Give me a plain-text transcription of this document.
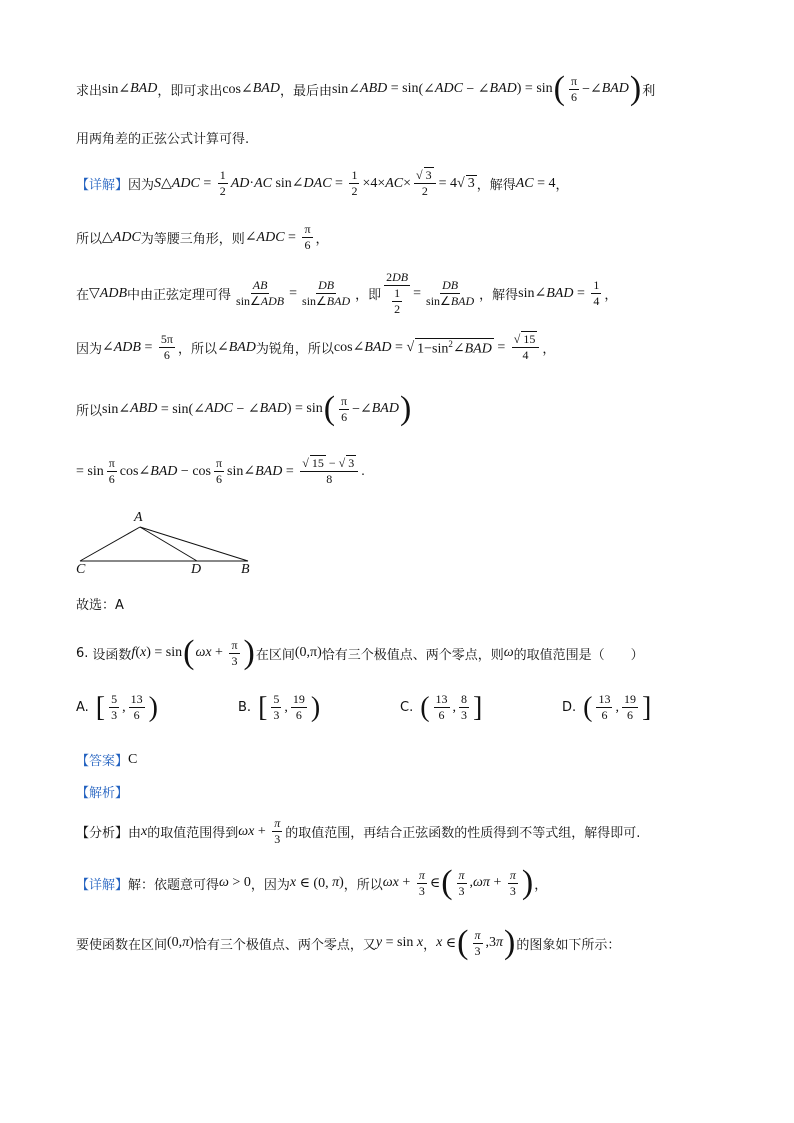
求出 sin∠ BAD ，即可求出 cos∠ BAD ，最后由 sin∠ ABD = sin (∠ ADC − ∠ BAD ) = sin ( $\frac{\pi}{6}$ −∠ BAD ) 利
用两角差的正弦公式计算可得.
【详解】 因为 S △ADC = $\frac{1}{2}$ AD · AC sin∠ DAC = $\frac{1}{2} \times 4\times$ AC × $\frac{√ 3}{2} = 4√$ 3 ，解得 AC = 4 ，
所以 △ ADC 为等腰三角形，则 ∠ ADC = $\frac{\pi}{6}$ ，
在 ▽ ADB 中由正弦定理可得 $\frac{AB}{\text{sin∠ADB}} = \frac{DB}{\text{sin∠BAD}}$ ，即 $\frac{2DB}{\frac{1}{2}} = \frac{DB}{\text{sin∠BAD}}$ ，解得 sin∠ BAD = $\frac{1}{4}$ ，
因为 ∠ ADB = $\frac{5\pi}{6}$ ，所以 ∠ BAD 为锐角，所以 cos∠ BAD = √ $1-\sin^2\angle BAD = \frac{√ 15}{4}$ ，
所以 sin∠ ABD = sin(∠ ADC − ∠ BAD ) = sin ( $\frac{\pi}{6}$ −∠ BAD )
= $\sin \frac{\pi}{6}$ cos∠ BAD − $\cos \frac{\pi}{6}$ sin∠ BAD = $\frac{√ 15 - √ 3}{8}$ .
A
C	D	B
故选：A
6. 设函数 f ( x ) = sin ( $\omega x + \frac{\pi}{3}$ ) 在区间 (0,π) 恰有三个极值点、两个零点，则 ω 的取值范围是（　　）
A. [ $\frac{5}{3}$ , $\frac{13}{6}$ )	B. [ $\frac{5}{3}$ , $\frac{19}{6}$ )	C. ( $\frac{13}{6}$ , $\frac{8}{3}$ ]	D. ( $\frac{13}{6}$ , $\frac{19}{6}$ ]
【答案】 C
【解析】
【分析】 由 x 的取值范围得到 $\omega x + \frac{\pi}{3}$ 的取值范围，再结合正弦函数的性质得到不等式组，解得即可.
【详解】 解：依题意可得 ω > 0 ，因为 x ∈ (0, π ) ，所以 $\omega x + \frac{\pi}{3}$ ∈ ( $\frac{\pi}{3}$ , $\omega\pi + \frac{\pi}{3}$ ) ，
要使函数在区间 (0, π ) 恰有三个极值点、两个零点，又 y = sin x ， x ∈ ( $\frac{\pi}{3} ,3$ π ) 的图象如下所示：
